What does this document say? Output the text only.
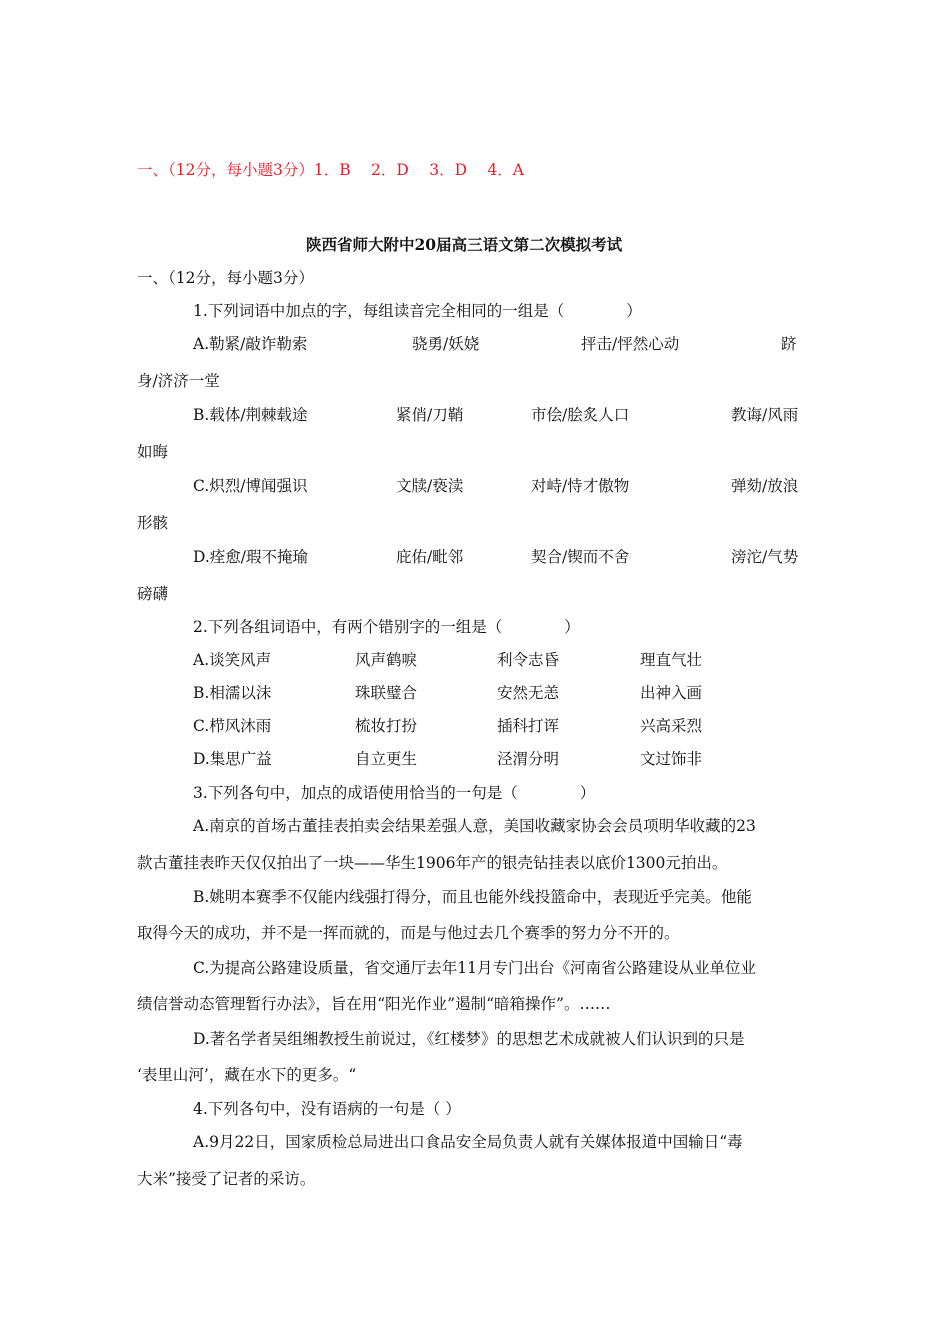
一、（12分，每小题3分）1．B　 2．D　 3．D　 4．A
陕西省师大附中20届高三语文第二次模拟考试
一、（12分，每小题3分）
1.下列词语中加点的字，每组读音完全相同的一组是（　　　　）
A.勒紧/敲诈勒索	骁勇/妖娆	抨击/怦然心动	跻
身/济济一堂
B.载体/荆棘载途	紧俏/刀鞘	市侩/脍炙人口	教诲/风雨
如晦
C.炽烈/博闻强识	文牍/亵渎	对峙/恃才傲物	弹劾/放浪
形骸
D.痊愈/瑕不掩瑜	庇佑/毗邻	契合/锲而不舍	滂沱/气势
磅礴
2.下列各组词语中，有两个错别字的一组是（　　　　）
A.谈笑风声	风声鹤唳	利令志昏	理直气壮
B.相濡以沫	珠联璧合	安然无恙	出神入画
C.栉风沐雨	梳妆打扮	插科打诨	兴高采烈
D.集思广益	自立更生	泾渭分明	文过饰非
3.下列各句中，加点的成语使用恰当的一句是（　　　　）
A.南京的首场古董挂表拍卖会结果差强人意，美国收藏家协会会员项明华收藏的23
款古董挂表昨天仅仅拍出了一块——华生1906年产的银壳钻挂表以底价1300元拍出。
B.姚明本赛季不仅能内线强打得分，而且也能外线投篮命中，表现近乎完美。他能
取得今天的成功，并不是一挥而就的，而是与他过去几个赛季的努力分不开的。
C.为提高公路建设质量，省交通厅去年11月专门出台《河南省公路建设从业单位业
绩信誉动态管理暂行办法》，旨在用“阳光作业”遏制“暗箱操作”。……
D.著名学者吴组缃教授生前说过，《红楼梦》的思想艺术成就被人们认识到的只是
‘表里山河’，藏在水下的更多。“
4.下列各句中，没有语病的一句是（ ）
A.9月22日，国家质检总局进出口食品安全局负责人就有关媒体报道中国输日“毒
大米”接受了记者的采访。
